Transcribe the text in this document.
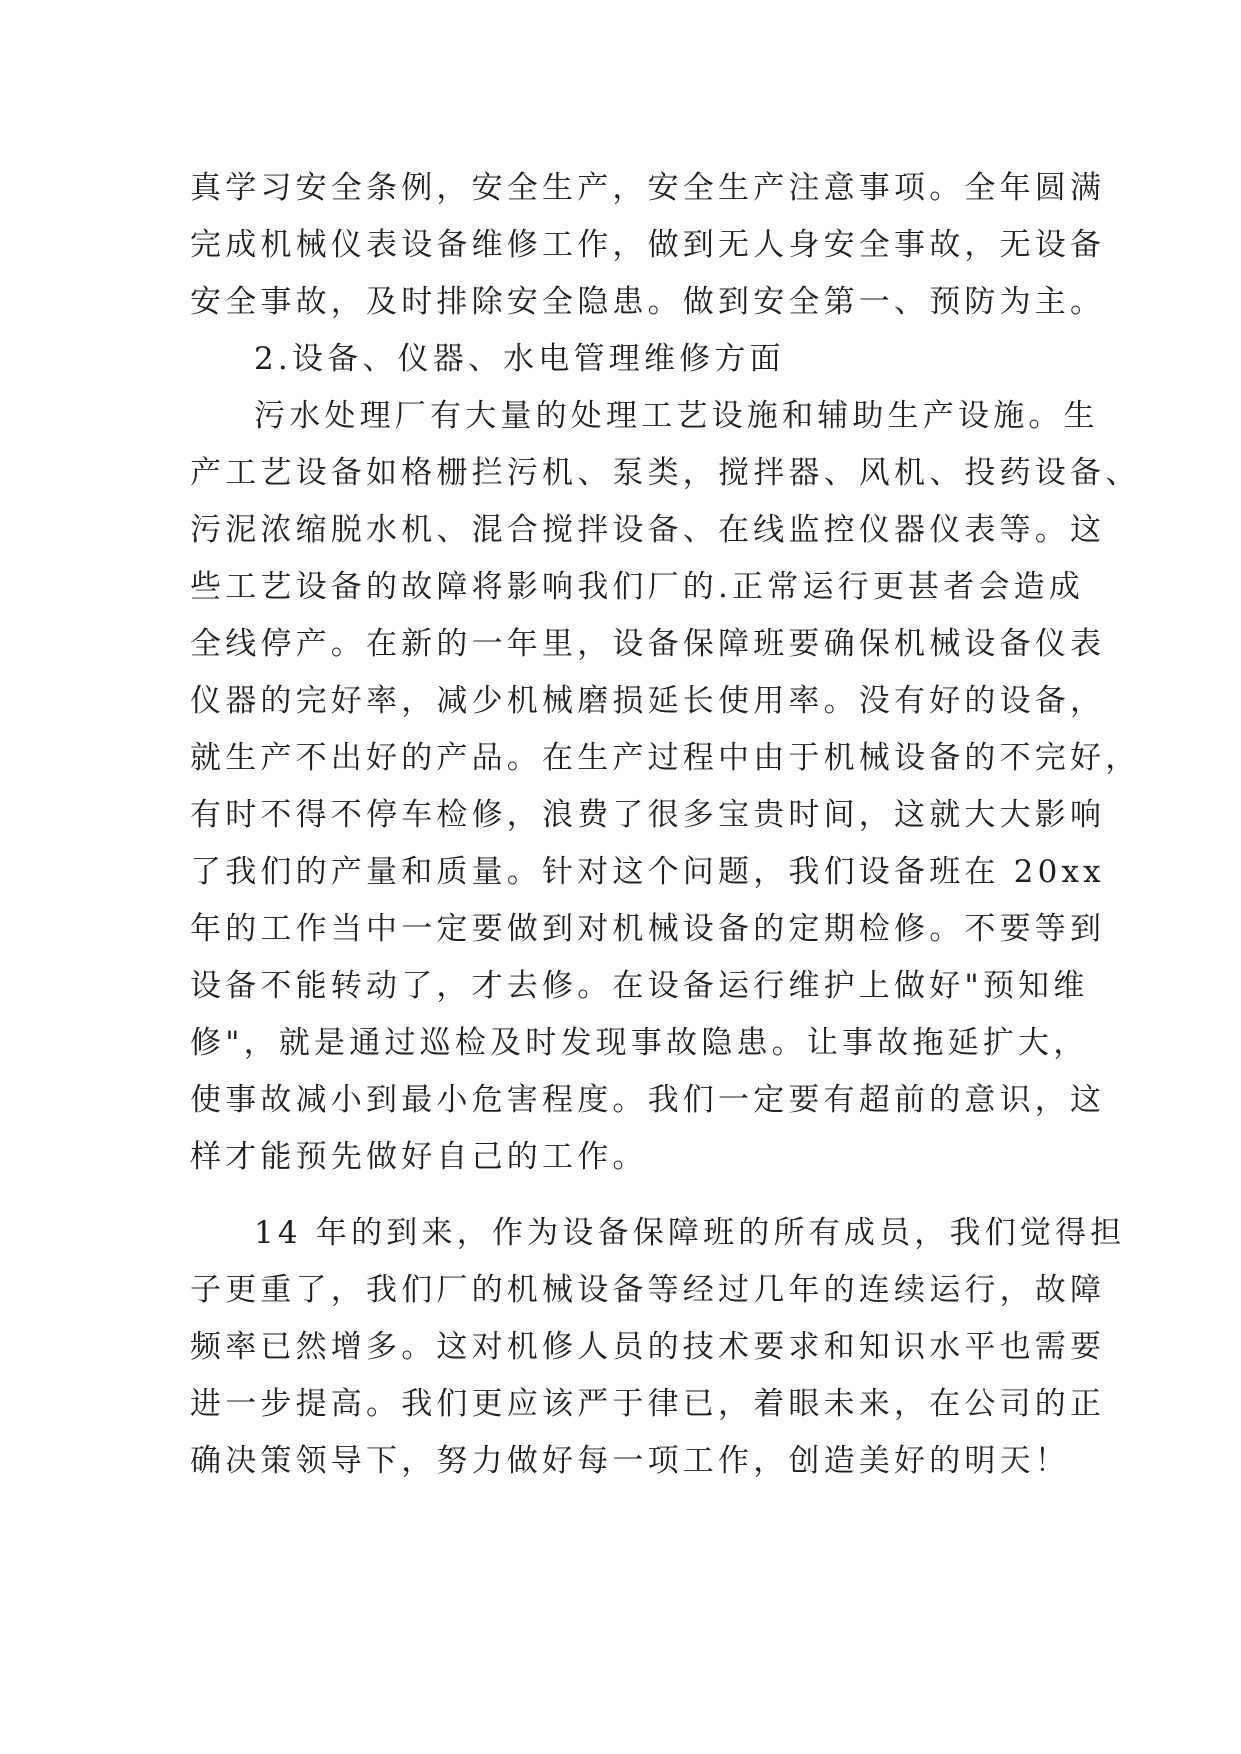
真学习安全条例，安全生产，安全生产注意事项。全年圆满
完成机械仪表设备维修工作，做到无人身安全事故，无设备
安全事故，及时排除安全隐患。做到安全第一、预防为主。
2.设备、仪器、水电管理维修方面
污水处理厂有大量的处理工艺设施和辅助生产设施。生
产工艺设备如格栅拦污机、泵类，搅拌器、风机、投药设备、
污泥浓缩脱水机、混合搅拌设备、在线监控仪器仪表等。这
些工艺设备的故障将影响我们厂的.正常运行更甚者会造成
全线停产。在新的一年里，设备保障班要确保机械设备仪表
仪器的完好率，减少机械磨损延长使用率。没有好的设备，
就生产不出好的产品。在生产过程中由于机械设备的不完好，
有时不得不停车检修，浪费了很多宝贵时间，这就大大影响
了我们的产量和质量。针对这个问题，我们设备班在 20xx
年的工作当中一定要做到对机械设备的定期检修。不要等到
设备不能转动了，才去修。在设备运行维护上做好"预知维
修"，就是通过巡检及时发现事故隐患。让事故拖延扩大，
使事故减小到最小危害程度。我们一定要有超前的意识，这
样才能预先做好自己的工作。
14 年的到来，作为设备保障班的所有成员，我们觉得担
子更重了，我们厂的机械设备等经过几年的连续运行，故障
频率已然增多。这对机修人员的技术要求和知识水平也需要
进一步提高。我们更应该严于律已，着眼未来，在公司的正
确决策领导下，努力做好每一项工作，创造美好的明天！
